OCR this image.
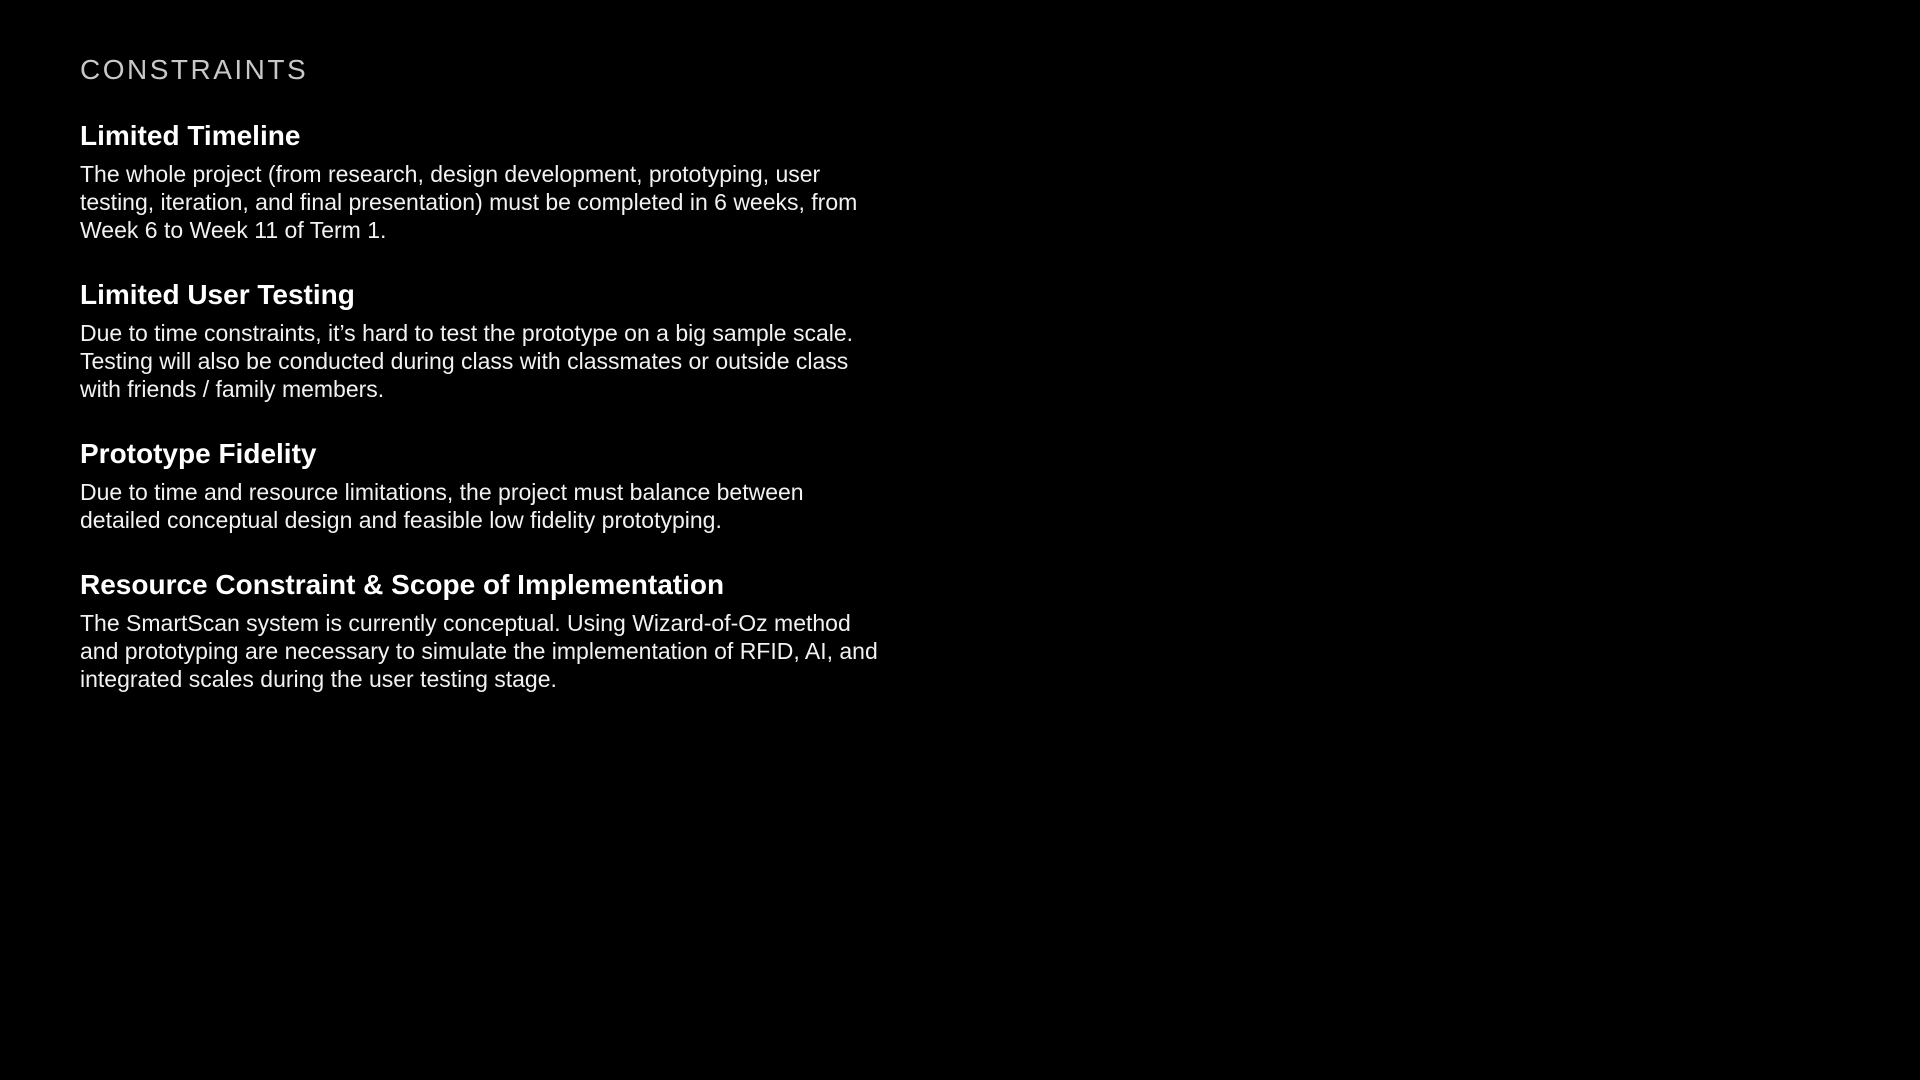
CONSTRAINTS
Limited Timeline

The whole project (from research, design development, prototyping, user testing, iteration, and final presentation) must be completed in 6 weeks, from Week 6 to Week 11 of Term 1.

Limited User Testing

Due to time constraints, it’s hard to test the prototype on a big sample scale. Testing will also be conducted during class with classmates or outside class with friends / family members.

Prototype Fidelity

Due to time and resource limitations, the project must balance between detailed conceptual design and feasible low fidelity prototyping.

Resource Constraint & Scope of Implementation

The SmartScan system is currently conceptual. Using Wizard-of-Oz method and prototyping are necessary to simulate the implementation of RFID, AI, and integrated scales during the user testing stage.
